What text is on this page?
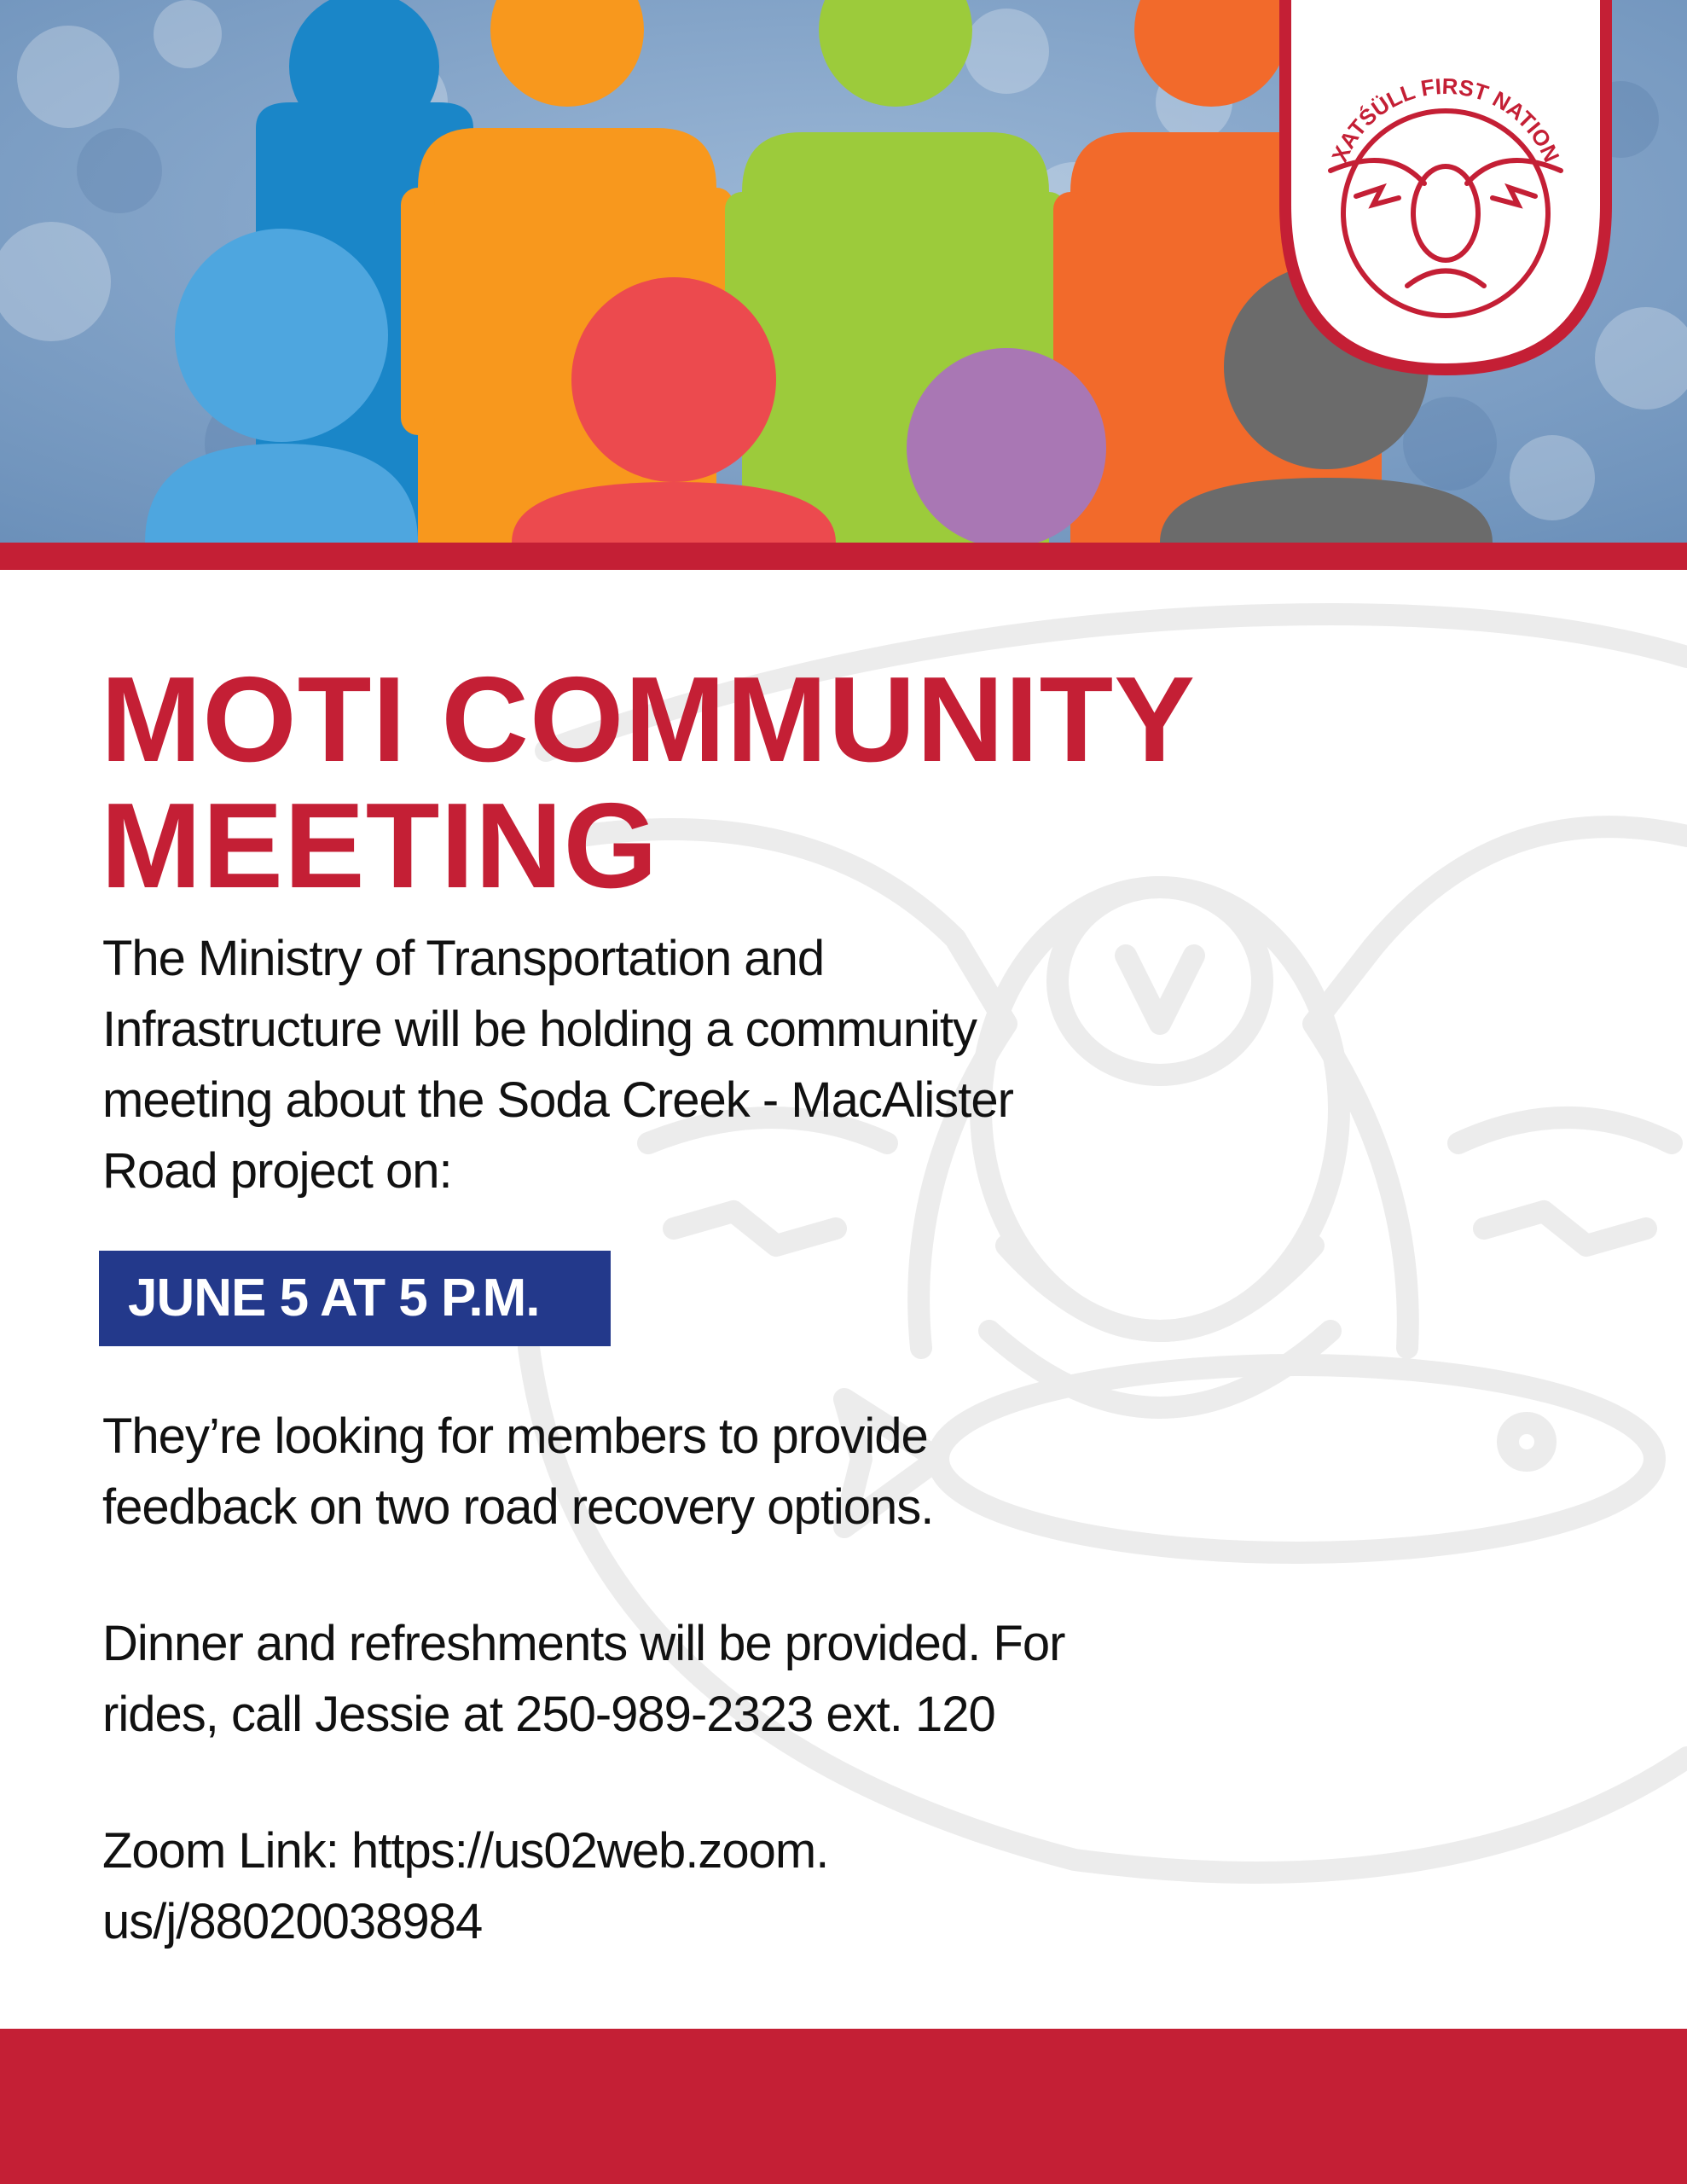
XATŚÜLL FIRST NATION
MOTI COMMUNITY
MEETING

The Ministry of Transportation and
Infrastructure will be holding a community
meeting about the Soda Creek - MacAlister
Road project on:

JUNE 5 AT 5 P.M.

They’re looking for members to provide
feedback on two road recovery options.

Dinner and refreshments will be provided. For
rides, call Jessie at 250-989-2323 ext. 120

Zoom Link: https://us02web.zoom.
us/j/88020038984
